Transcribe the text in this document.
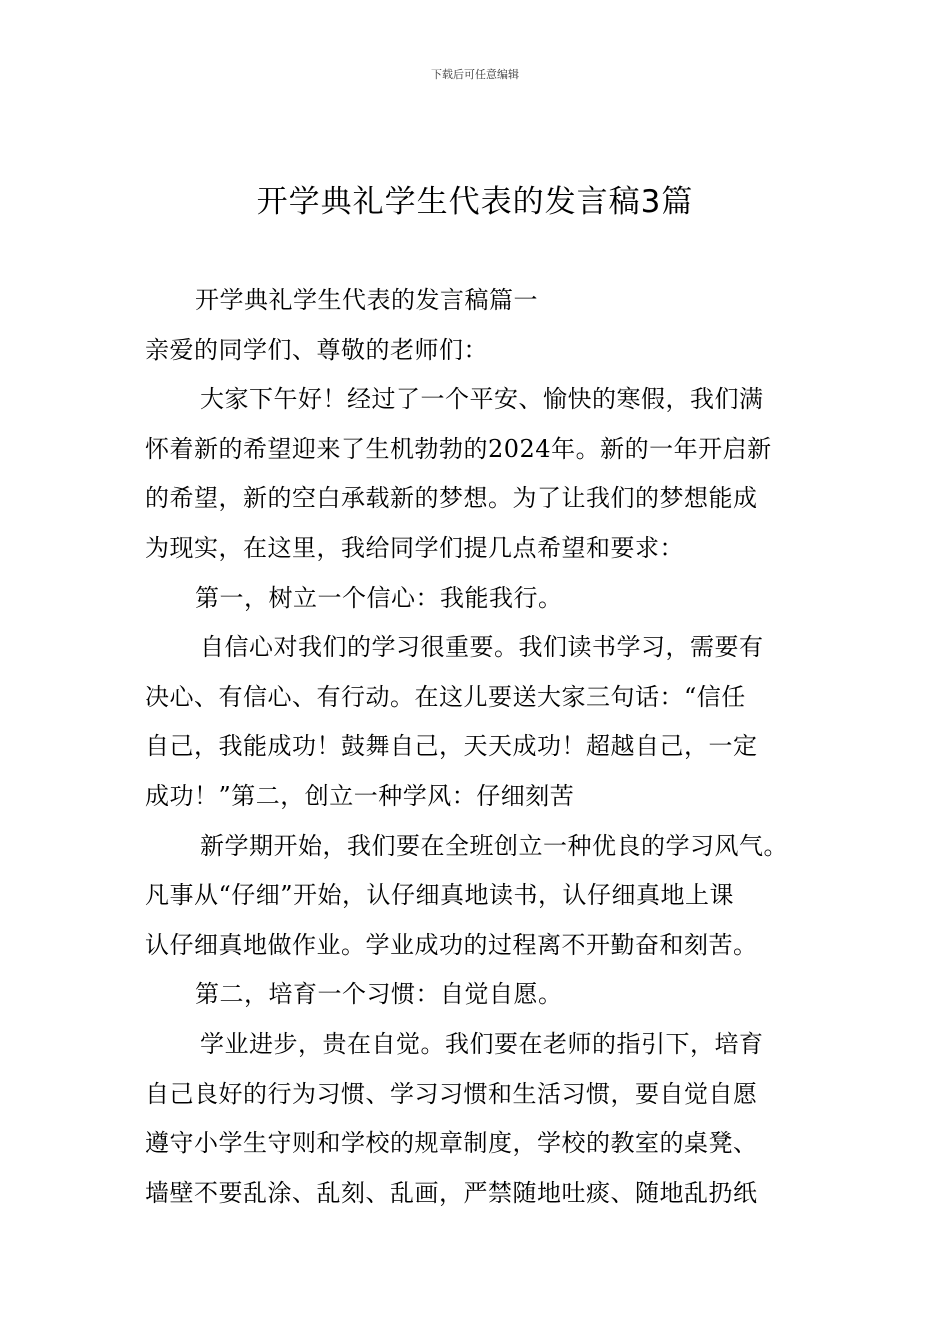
下载后可任意编辑
开学典礼学生代表的发言稿3篇
开学典礼学生代表的发言稿篇一
亲爱的同学们、尊敬的老师们：
大家下午好！经过了一个平安、愉快的寒假，我们满
怀着新的希望迎来了生机勃勃的2024年。新的一年开启新
的希望，新的空白承载新的梦想。为了让我们的梦想能成
为现实，在这里，我给同学们提几点希望和要求：
第一，树立一个信心：我能我行。
自信心对我们的学习很重要。我们读书学习，需要有
决心、有信心、有行动。在这儿要送大家三句话：“信任
自己，我能成功！鼓舞自己，天天成功！超越自己，一定
成功！”第二，创立一种学风：仔细刻苦
新学期开始，我们要在全班创立一种优良的学习风气。
凡事从“仔细”开始，认仔细真地读书，认仔细真地上课
认仔细真地做作业。学业成功的过程离不开勤奋和刻苦。
第二，培育一个习惯：自觉自愿。
学业进步，贵在自觉。我们要在老师的指引下，培育
自己良好的行为习惯、学习习惯和生活习惯，要自觉自愿
遵守小学生守则和学校的规章制度，学校的教室的桌凳、
墙壁不要乱涂、乱刻、乱画，严禁随地吐痰、随地乱扔纸
